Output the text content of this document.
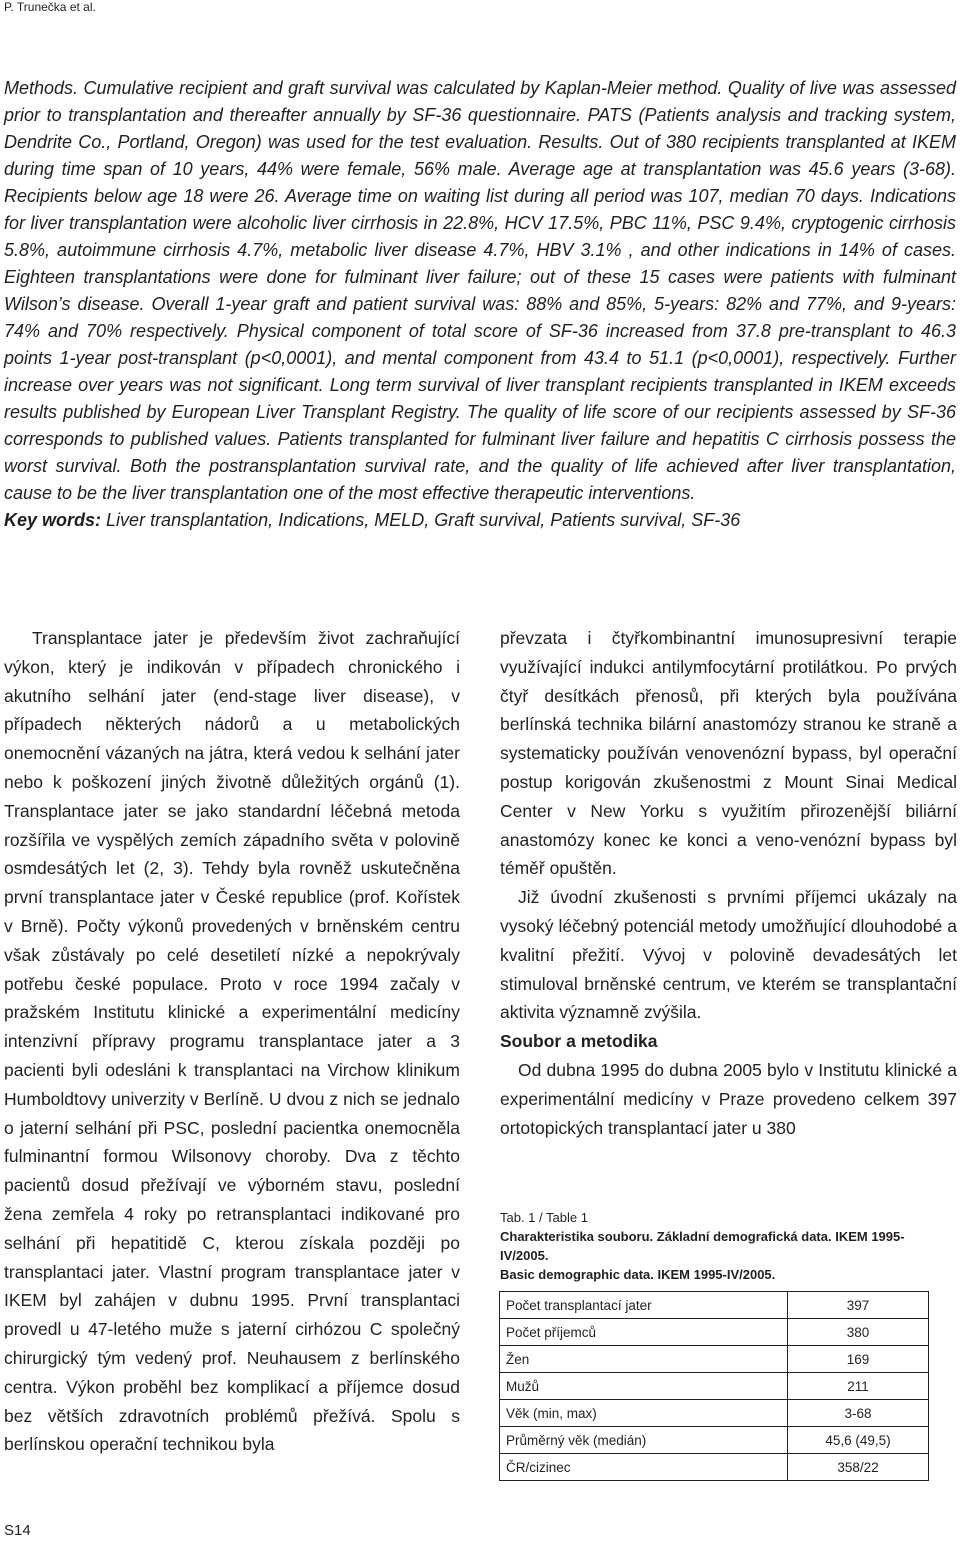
P. Trunečka et al.

Methods. Cumulative recipient and graft survival was calculated by Kaplan-Meier method. Quality of live was assessed prior to transplantation and thereafter annually by SF-36 questionnaire. PATS (Patients analysis and tracking system, Dendrite Co., Portland, Oregon) was used for the test evaluation. Results. Out of 380 recipients transplanted at IKEM during time span of 10 years, 44% were female, 56% male. Average age at transplantation was 45.6 years (3-68). Recipients below age 18 were 26. Average time on waiting list during all period was 107, median 70 days. Indications for liver transplantation were alcoholic liver cirrhosis in 22.8%, HCV 17.5%, PBC 11%, PSC 9.4%, cryptogenic cirrhosis 5.8%, autoimmune cirrhosis 4.7%, metabolic liver disease 4.7%, HBV 3.1% , and other indications in 14% of cases. Eighteen transplantations were done for fulminant liver failure; out of these 15 cases were patients with fulminant Wilson’s disease. Overall 1-year graft and patient survival was: 88% and 85%, 5-years: 82% and 77%, and 9-years: 74% and 70% respectively. Physical component of total score of SF-36 increased from 37.8 pre-transplant to 46.3 points 1-year post-transplant (p<0,0001), and mental component from 43.4 to 51.1 (p<0,0001), respectively. Further increase over years was not significant. Long term survival of liver transplant recipients transplanted in IKEM exceeds results published by European Liver Transplant Registry. The quality of life score of our recipients assessed by SF-36 corresponds to published values. Patients transplanted for fulminant liver failure and hepatitis C cirrhosis possess the worst survival. Both the postransplantation survival rate, and the quality of life achieved after liver transplantation, cause to be the liver transplantation one of the most effective therapeutic interventions.

Key words: Liver transplantation, Indications, MELD, Graft survival, Patients survival, SF-36

Transplantace jater je především život zachraňující výkon, který je indikován v případech chronického i akutního selhání jater (end-stage liver disease), v případech některých nádorů a u metabolických onemocnění vázaných na játra, která vedou k selhání jater nebo k poškození jiných životně důležitých orgánů (1). Transplantace jater se jako standardní léčebná metoda rozšířila ve vyspělých zemích západního světa v polovině osmdesátých let (2, 3). Tehdy byla rovněž uskutečněna první transplantace jater v České republice (prof. Kořístek v Brně). Počty výkonů provedených v brněnském centru však zůstávaly po celé desetiletí nízké a nepokrývaly potřebu české populace. Proto v roce 1994 začaly v pražském Institutu klinické a experimentální medicíny intenzivní přípravy programu transplantace jater a 3 pacienti byli odesláni k transplantaci na Virchow klinikum Humboldtovy univerzity v Berlíně. U dvou z nich se jednalo o jaterní selhání při PSC, poslední pacientka onemocněla fulminantní formou Wilsonovy choroby. Dva z těchto pacientů dosud přežívají ve výborném stavu, poslední žena zemřela 4 roky po retransplantaci indikované pro selhání při hepatitidě C, kterou získala později po transplantaci jater. Vlastní program transplantace jater v IKEM byl zahájen v dubnu 1995. První transplantaci provedl u 47-letého muže s jaterní cirhózou C společný chirurgický tým vedený prof. Neuhausem z berlínského centra. Výkon proběhl bez komplikací a příjemce dosud bez větších zdravotních problémů přežívá. Spolu s berlínskou operační technikou byla

převzata i čtyřkombinantní imunosupresivní terapie využívající indukci antilymfocytární protilátkou. Po prvých čtyř desítkách přenosů, při kterých byla používána berlínská technika bilární anastomózy stranou ke straně a systematicky používán venovenózní bypass, byl operační postup korigován zkušenostmi z Mount Sinai Medical Center v New Yorku s využitím přirozenější biliární anastomózy konec ke konci a veno-venózní bypass byl téměř opuštěn.

Již úvodní zkušenosti s prvními příjemci ukázaly na vysoký léčebný potenciál metody umožňující dlouhodobé a kvalitní přežití. Vývoj v polovině devadesátých let stimuloval brněnské centrum, ve kterém se transplantační aktivita významně zvýšila.

Soubor a metodika

Od dubna 1995 do dubna 2005 bylo v Institutu klinické a experimentální medicíny v Praze provedeno celkem 397 ortotopických transplantací jater u 380

Tab. 1 / Table 1
Charakteristika souboru. Základní demografická data. IKEM 1995-IV/2005.
Basic demographic data. IKEM 1995-IV/2005.
Počet transplantací jater	397
Počet příjemců	380
Žen	169
Mužů	211
Věk (min, max)	3-68
Průměrný věk (medián)	45,6 (49,5)
ČR/cizinec	358/22
S14
